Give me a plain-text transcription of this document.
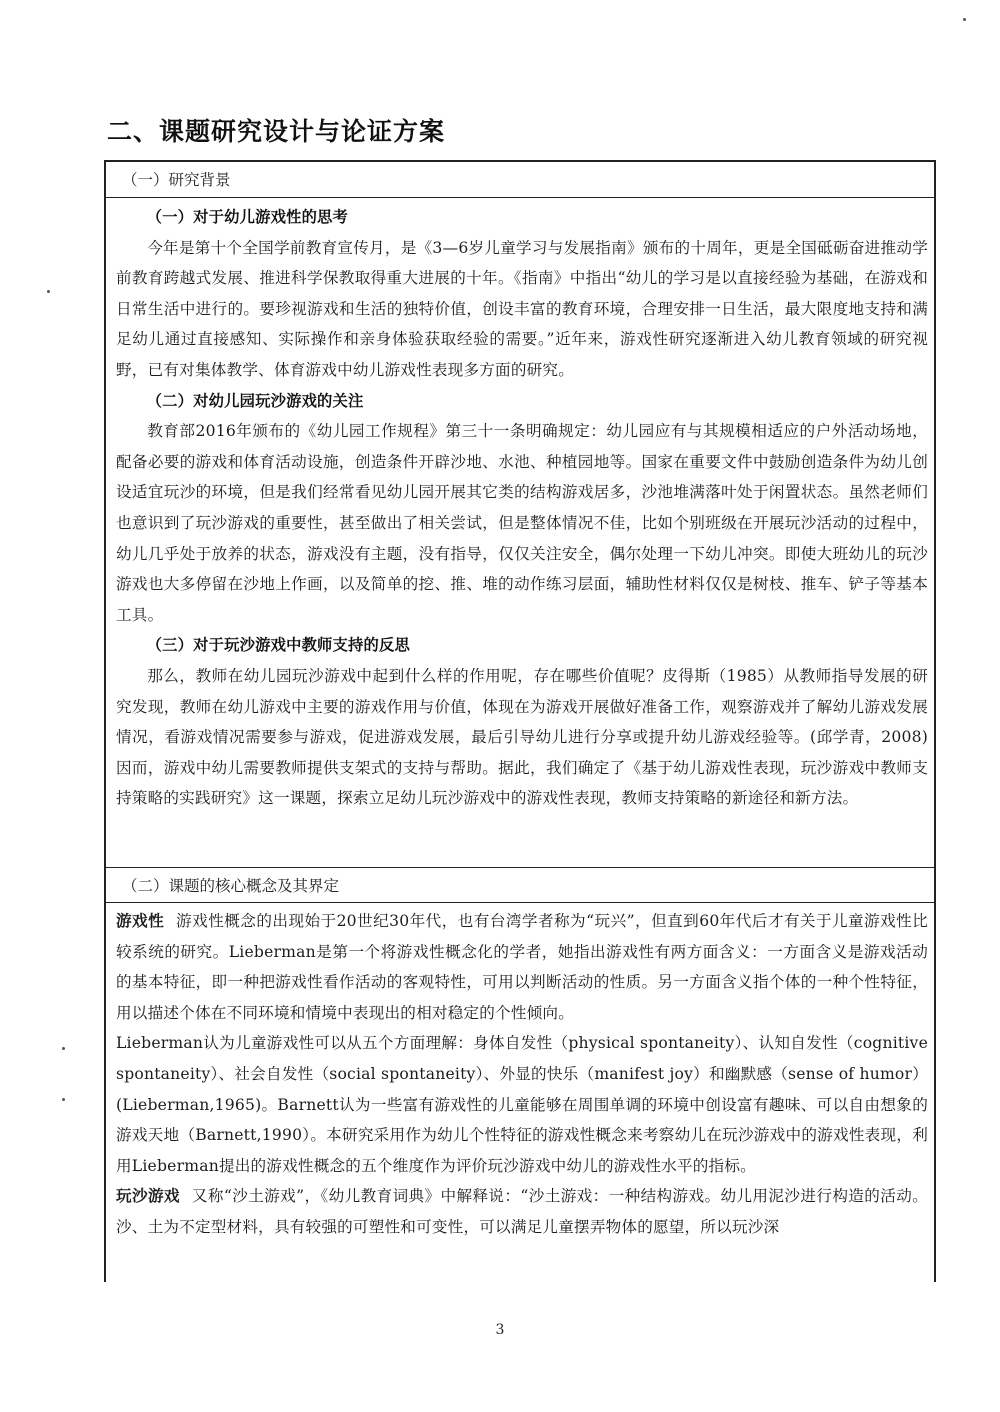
二、课题研究设计与论证方案
（一）研究背景

（一）对于幼儿游戏性的思考

今年是第十个全国学前教育宣传月，是《3—6岁儿童学习与发展指南》颁布的十周年，更是全国砥砺奋进推动学前教育跨越式发展、推进科学保教取得重大进展的十年。《指南》中指出“幼儿的学习是以直接经验为基础，在游戏和日常生活中进行的。要珍视游戏和生活的独特价值，创设丰富的教育环境，合理安排一日生活，最大限度地支持和满足幼儿通过直接感知、实际操作和亲身体验获取经验的需要。”近年来，游戏性研究逐渐进入幼儿教育领域的研究视野，已有对集体教学、体育游戏中幼儿游戏性表现多方面的研究。

（二）对幼儿园玩沙游戏的关注

教育部2016年颁布的《幼儿园工作规程》第三十一条明确规定：幼儿园应有与其规模相适应的户外活动场地，配备必要的游戏和体育活动设施，创造条件开辟沙地、水池、种植园地等。国家在重要文件中鼓励创造条件为幼儿创设适宜玩沙的环境，但是我们经常看见幼儿园开展其它类的结构游戏居多，沙池堆满落叶处于闲置状态。虽然老师们也意识到了玩沙游戏的重要性，甚至做出了相关尝试，但是整体情况不佳，比如个别班级在开展玩沙活动的过程中，幼儿几乎处于放养的状态，游戏没有主题，没有指导，仅仅关注安全，偶尔处理一下幼儿冲突。即使大班幼儿的玩沙游戏也大多停留在沙地上作画，以及简单的挖、推、堆的动作练习层面，辅助性材料仅仅是树枝、推车、铲子等基本工具。

（三）对于玩沙游戏中教师支持的反思

那么，教师在幼儿园玩沙游戏中起到什么样的作用呢，存在哪些价值呢？皮得斯（1985）从教师指导发展的研究发现，教师在幼儿游戏中主要的游戏作用与价值，体现在为游戏开展做好准备工作，观察游戏并了解幼儿游戏发展情况，看游戏情况需要参与游戏，促进游戏发展，最后引导幼儿进行分享或提升幼儿游戏经验等。(邱学青，2008) 因而，游戏中幼儿需要教师提供支架式的支持与帮助。据此，我们确定了《基于幼儿游戏性表现，玩沙游戏中教师支持策略的实践研究》这一课题，探索立足幼儿玩沙游戏中的游戏性表现，教师支持策略的新途径和新方法。

（二）课题的核心概念及其界定

游戏性 游戏性概念的出现始于20世纪30年代，也有台湾学者称为“玩兴”，但直到60年代后才有关于儿童游戏性比较系统的研究。Lieberman是第一个将游戏性概念化的学者，她指出游戏性有两方面含义：一方面含义是游戏活动的基本特征，即一种把游戏性看作活动的客观特性，可用以判断活动的性质。另一方面含义指个体的一种个性特征，用以描述个体在不同环境和情境中表现出的相对稳定的个性倾向。

Lieberman认为儿童游戏性可以从五个方面理解：身体自发性（physical spontaneity）、认知自发性（cognitive spontaneity）、社会自发性（social spontaneity）、外显的快乐（manifest joy）和幽默感（sense of humor）(Lieberman,1965)。Barnett认为一些富有游戏性的儿童能够在周围单调的环境中创设富有趣味、可以自由想象的游戏天地（Barnett,1990）。本研究采用作为幼儿个性特征的游戏性概念来考察幼儿在玩沙游戏中的游戏性表现，利用Lieberman提出的游戏性概念的五个维度作为评价玩沙游戏中幼儿的游戏性水平的指标。

玩沙游戏 又称“沙土游戏”，《幼儿教育词典》中解释说：“沙土游戏：一种结构游戏。幼儿用泥沙进行构造的活动。沙、土为不定型材料，具有较强的可塑性和可变性，可以满足儿童摆弄物体的愿望，所以玩沙深

3
